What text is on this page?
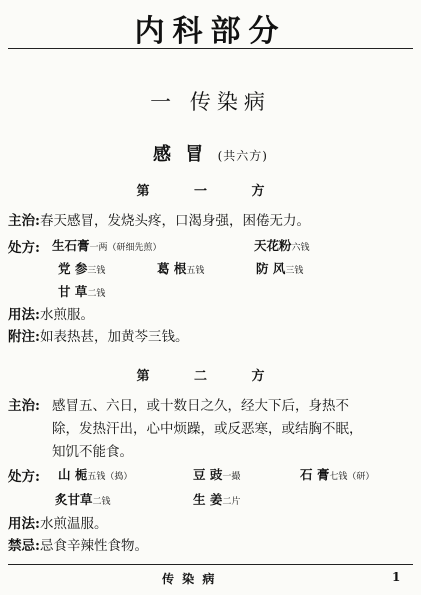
内科部分
一 传染病
感 冒 (共六方)
第 一 方
主治:春天感冒，发烧头疼，口渴身强，困倦无力。
处方: 生石膏一两（研细先煎）	天花粉六钱
党 参三钱	葛 根五钱	防 风三钱
甘 草二钱
用法:水煎服。
附注:如表热甚，加黄芩三钱。
第 二 方
主治: 感冒五、六日，或十数日之久，经大下后，身热不
除，发热汗出，心中烦躁，或反恶寒，或结胸不眠，
知饥不能食。
处方: 山 栀五钱（捣）	豆 豉一撮	石 膏七钱（研）
炙甘草二钱	生 姜二片
用法:水煎温服。
禁忌:忌食辛辣性食物。
传 染 病	1
